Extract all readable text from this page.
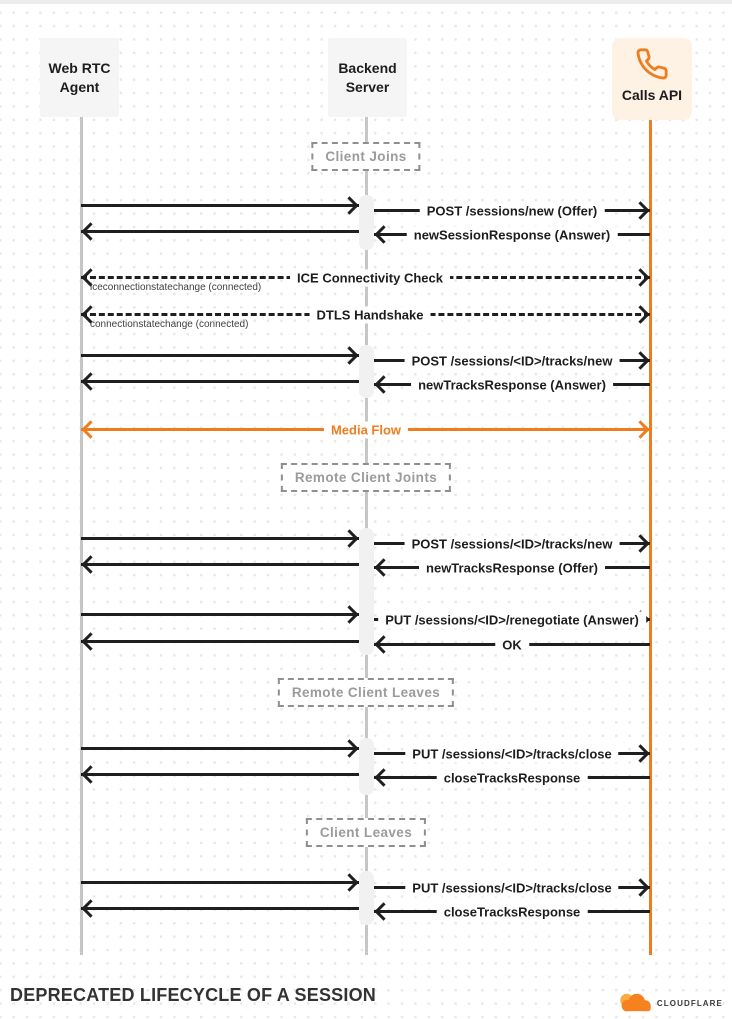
Web RTC Agent
Backend Server
Calls API
POST /sessions/new (Offer)
newSessionResponse (Answer)
ICE Connectivity Check
iceconnectionstatechange (connected)
DTLS Handshake
connectionstatechange (connected)
POST /sessions/<ID>/tracks/new
newTracksResponse (Answer)
Media Flow
POST /sessions/<ID>/tracks/new
newTracksResponse (Offer)
PUT /sessions/<ID>/renegotiate (Answer)
OK
PUT /sessions/<ID>/tracks/close
closeTracksResponse
PUT /sessions/<ID>/tracks/close
closeTracksResponse
Client Joins
Remote Client Joints
Remote Client Leaves
Client Leaves
DEPRECATED LIFECYCLE OF A SESSION	CLOUDFLARE
